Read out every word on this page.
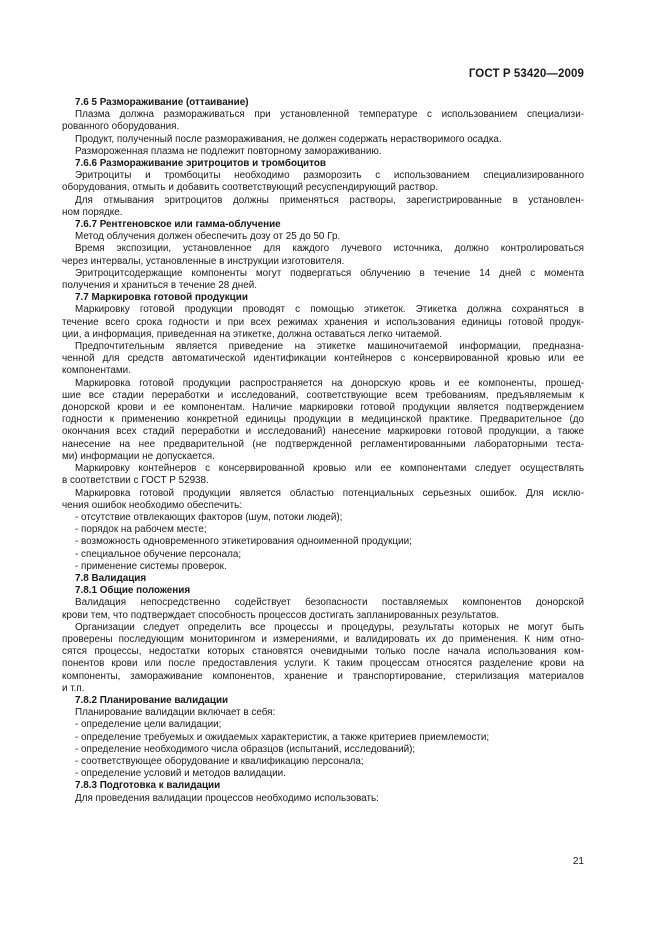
ГОСТ Р 53420—2009

7.6 5 Размораживание (оттаивание)

Плазма должна размораживаться при установленной температуре с использованием специализи-

рованного оборудования.

Продукт, полученный после размораживания, не должен содержать нерастворимого осадка.

Размороженная плазма не подлежит повторному замораживанию.

7.6.6 Размораживание эритроцитов и тромбоцитов

Эритроциты и тромбоциты необходимо разморозить с использованием специализированного

оборудования, отмыть и добавить соответствующий ресуспендирующий раствор.

Для отмывания эритроцитов должны применяться растворы, зарегистрированные в установлен-

ном порядке.

7.6.7 Рентгеновское или гамма-облучение

Метод облучения должен обеспечить дозу от 25 до 50 Гр.

Время экспозиции, установленное для каждого лучевого источника, должно контролироваться

через интервалы, установленные в инструкции изготовителя.

Эритроцитсодержащие компоненты могут подвергаться облучению в течение 14 дней с момента

получения и храниться в течение 28 дней.

7.7 Маркировка готовой продукции

Маркировку готовой продукции проводят с помощью этикеток. Этикетка должна сохраняться в

течение всего срока годности и при всех режимах хранения и использования единицы готовой продук-

ции, а информация, приведенная на этикетке, должна оставаться легко читаемой.

Предпочтительным является приведение на этикетке машиночитаемой информации, предназна-

ченной для средств автоматической идентификации контейнеров с консервированной кровью или ее

компонентами.

Маркировка готовой продукции распространяется на донорскую кровь и ее компоненты, прошед-

шие все стадии переработки и исследований, соответствующие всем требованиям, предъявляемым к

донорской крови и ее компонентам. Наличие маркировки готовой продукции является подтверждением

годности к применению конкретной единицы продукции в медицинской практике. Предварительное (до

окончания всех стадий переработки и исследований) нанесение маркировки готовой продукции, а также

нанесение на нее предварительной (не подтвержденной регламентированными лабораторными теста-

ми) информации не допускается.

Маркировку контейнеров с консервированной кровью или ее компонентами следует осуществлять

в соответствии с ГОСТ Р 52938.

Маркировка готовой продукции является областью потенциальных серьезных ошибок. Для исклю-

чения ошибок необходимо обеспечить:

- отсутствие отвлекающих факторов (шум, потоки людей);

- порядок на рабочем месте;

- возможность одновременного этикетирования одноименной продукции;

- специальное обучение персонала;

- применение системы проверок.

7.8 Валидация

7.8.1 Общие положения

Валидация непосредственно содействует безопасности поставляемых компонентов донорской

крови тем, что подтверждает способность процессов достигать запланированных результатов.

Организации следует определить все процессы и процедуры, результаты которых не могут быть

проверены последующим мониторингом и измерениями, и валидировать их до применения. К ним отно-

сятся процессы, недостатки которых становятся очевидными только после начала использования ком-

понентов крови или после предоставления услуги. К таким процессам относятся разделение крови на

компоненты, замораживание компонентов, хранение и транспортирование, стерилизация материалов

и т.п.

7.8.2 Планирование валидации

Планирование валидации включает в себя:

- определение цели валидации;

- определение требуемых и ожидаемых характеристик, а также критериев приемлемости;

- определение необходимого числа образцов (испытаний, исследований);

- соответствующее оборудование и квалификацию персонала;

- определение условий и методов валидации.

7.8.3 Подготовка к валидации

Для проведения валидации процессов необходимо использовать:

21
